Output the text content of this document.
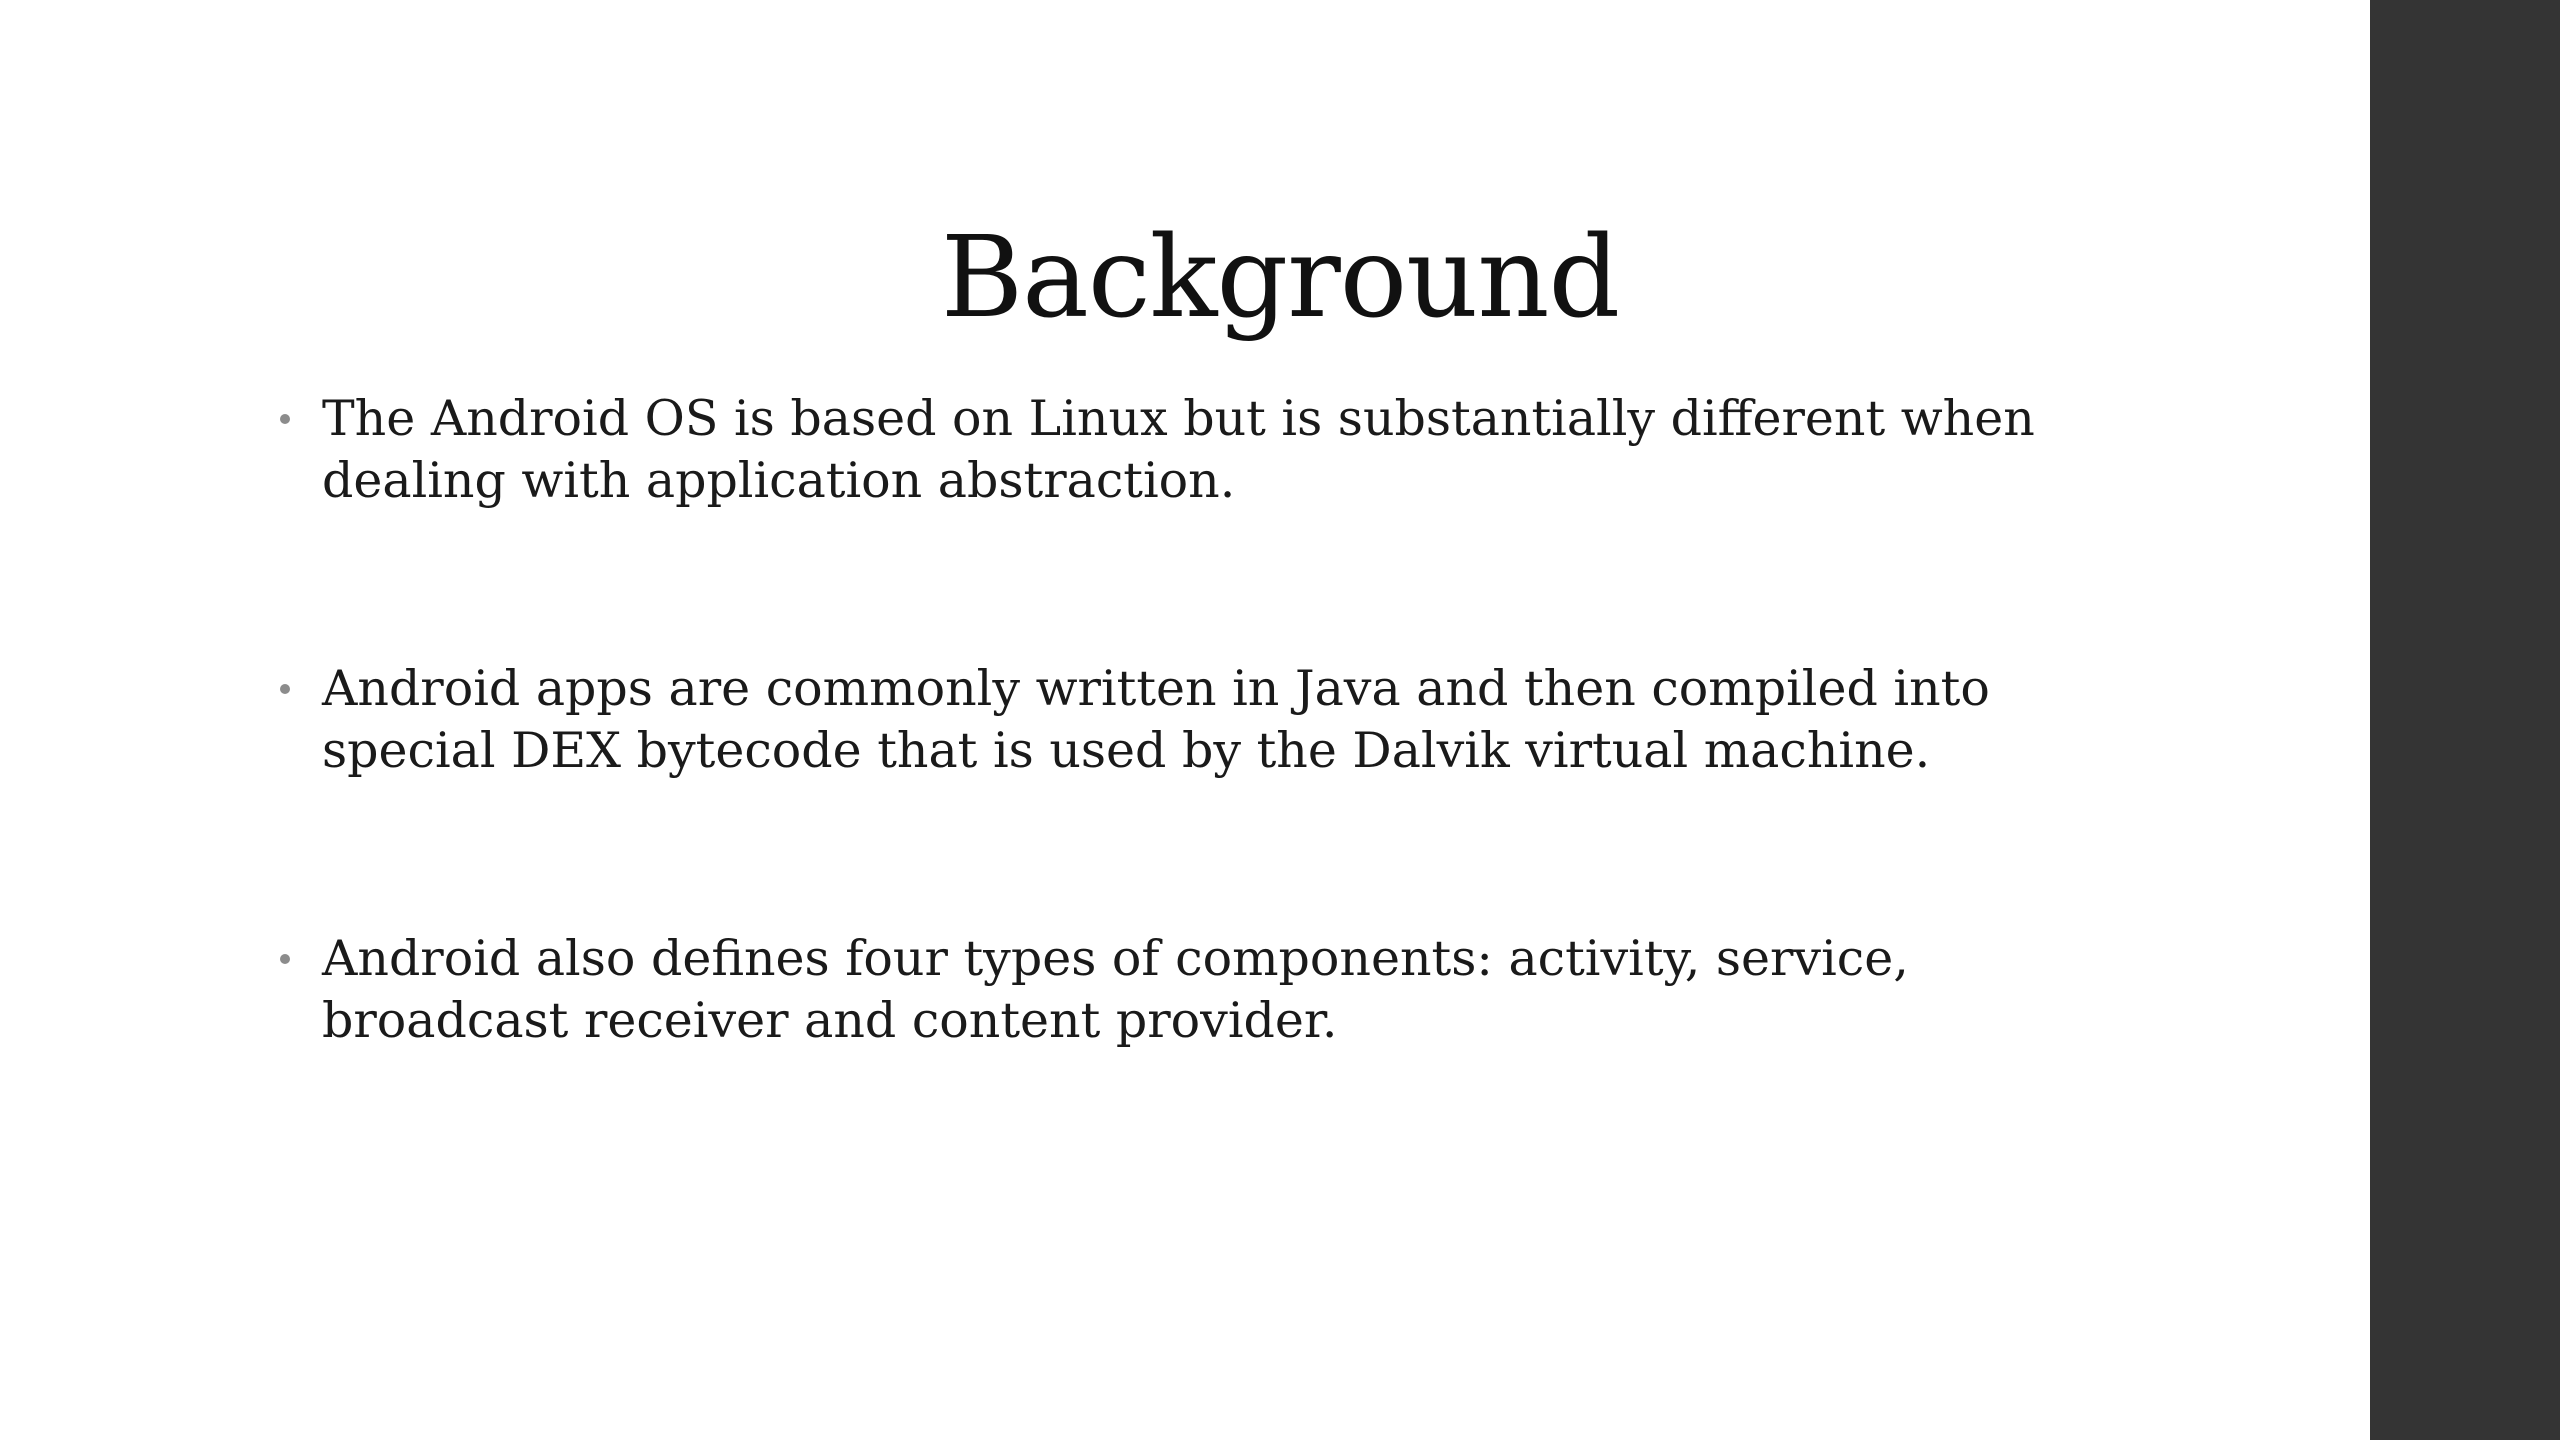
Background
The Android OS is based on Linux but is substantially different when dealing with application abstraction.
Android apps are commonly written in Java and then compiled into special DEX bytecode that is used by the Dalvik virtual machine.
Android also defines four types of components: activity, service, broadcast receiver and content provider.
